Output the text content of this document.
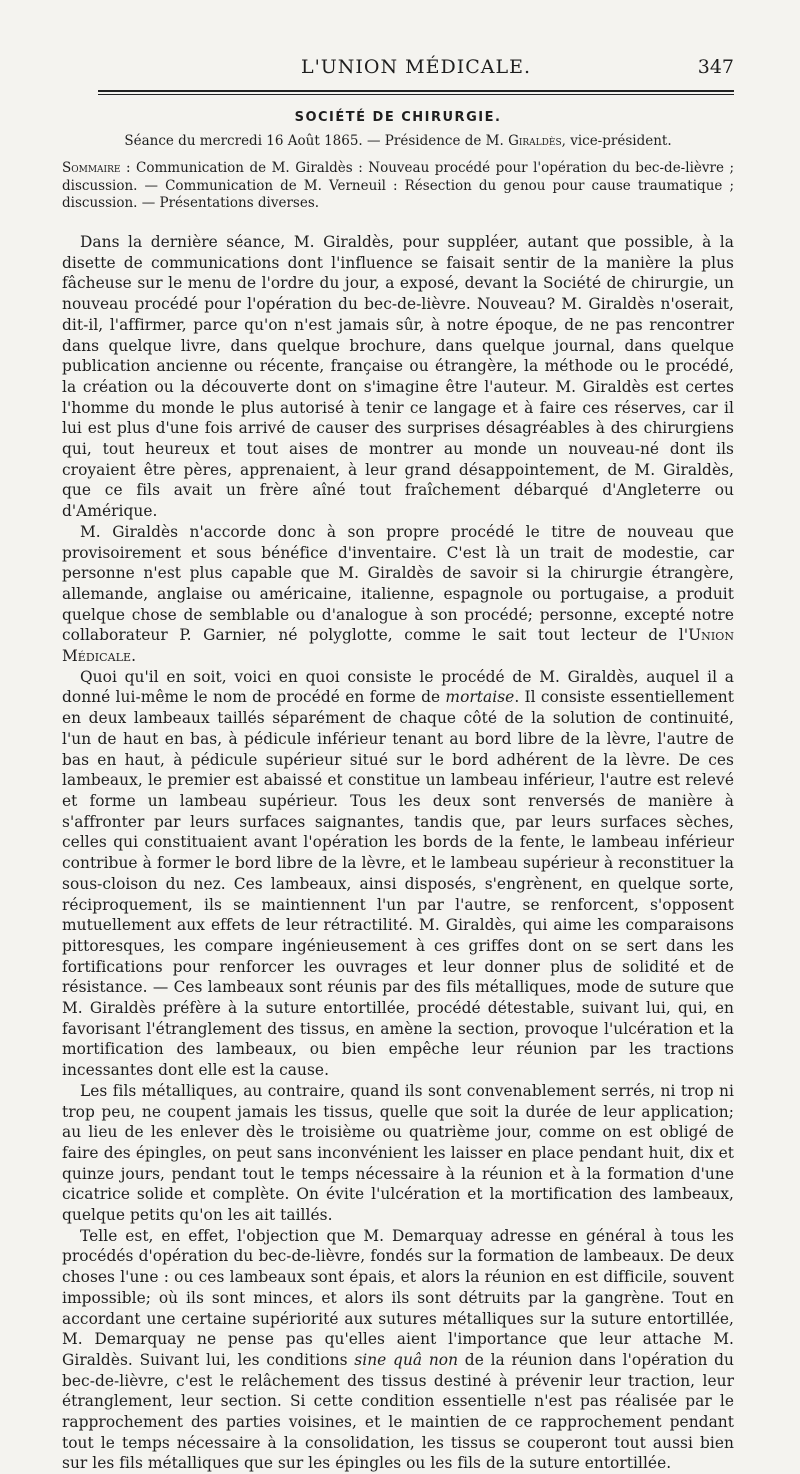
L'UNION MÉDICALE.	347
SOCIÉTÉ DE CHIRURGIE.
Séance du mercredi 16 Août 1865. — Présidence de M. Giraldès, vice-président.
Sommaire : Communication de M. Giraldès : Nouveau procédé pour l'opération du bec-de-lièvre ; discussion. — Communication de M. Verneuil : Résection du genou pour cause traumatique ; discussion. — Présentations diverses.

Dans la dernière séance, M. Giraldès, pour suppléer, autant que possible, à la disette de communications dont l'influence se faisait sentir de la manière la plus fâcheuse sur le menu de l'ordre du jour, a exposé, devant la Société de chirurgie, un nouveau procédé pour l'opération du bec-de-lièvre. Nouveau? M. Giraldès n'oserait, dit-il, l'affirmer, parce qu'on n'est jamais sûr, à notre époque, de ne pas rencontrer dans quelque livre, dans quelque brochure, dans quelque journal, dans quelque publication ancienne ou récente, française ou étrangère, la méthode ou le procédé, la création ou la découverte dont on s'imagine être l'auteur. M. Giraldès est certes l'homme du monde le plus autorisé à tenir ce langage et à faire ces réserves, car il lui est plus d'une fois arrivé de causer des surprises désagréables à des chirurgiens qui, tout heureux et tout aises de montrer au monde un nouveau-né dont ils croyaient être pères, apprenaient, à leur grand désappointement, de M. Giraldès, que ce fils avait un frère aîné tout fraîchement débarqué d'Angleterre ou d'Amérique.

M. Giraldès n'accorde donc à son propre procédé le titre de nouveau que provisoirement et sous bénéfice d'inventaire. C'est là un trait de modestie, car personne n'est plus capable que M. Giraldès de savoir si la chirurgie étrangère, allemande, anglaise ou américaine, italienne, espagnole ou portugaise, a produit quelque chose de semblable ou d'analogue à son procédé; personne, excepté notre collaborateur P. Garnier, né polyglotte, comme le sait tout lecteur de l'Union Médicale.

Quoi qu'il en soit, voici en quoi consiste le procédé de M. Giraldès, auquel il a donné lui-même le nom de procédé en forme de mortaise. Il consiste essentiellement en deux lambeaux taillés séparément de chaque côté de la solution de continuité, l'un de haut en bas, à pédicule inférieur tenant au bord libre de la lèvre, l'autre de bas en haut, à pédicule supérieur situé sur le bord adhérent de la lèvre. De ces lambeaux, le premier est abaissé et constitue un lambeau inférieur, l'autre est relevé et forme un lambeau supérieur. Tous les deux sont renversés de manière à s'affronter par leurs surfaces saignantes, tandis que, par leurs surfaces sèches, celles qui constituaient avant l'opération les bords de la fente, le lambeau inférieur contribue à former le bord libre de la lèvre, et le lambeau supérieur à reconstituer la sous-cloison du nez. Ces lambeaux, ainsi disposés, s'engrènent, en quelque sorte, réciproquement, ils se maintiennent l'un par l'autre, se renforcent, s'opposent mutuellement aux effets de leur rétractilité. M. Giraldès, qui aime les comparaisons pittoresques, les compare ingénieusement à ces griffes dont on se sert dans les fortifications pour renforcer les ouvrages et leur donner plus de solidité et de résistance. — Ces lambeaux sont réunis par des fils métalliques, mode de suture que M. Giraldès préfère à la suture entortillée, procédé détestable, suivant lui, qui, en favorisant l'étranglement des tissus, en amène la section, provoque l'ulcération et la mortification des lambeaux, ou bien empêche leur réunion par les tractions incessantes dont elle est la cause.

Les fils métalliques, au contraire, quand ils sont convenablement serrés, ni trop ni trop peu, ne coupent jamais les tissus, quelle que soit la durée de leur application; au lieu de les enlever dès le troisième ou quatrième jour, comme on est obligé de faire des épingles, on peut sans inconvénient les laisser en place pendant huit, dix et quinze jours, pendant tout le temps nécessaire à la réunion et à la formation d'une cicatrice solide et complète. On évite l'ulcération et la mortification des lambeaux, quelque petits qu'on les ait taillés.

Telle est, en effet, l'objection que M. Demarquay adresse en général à tous les procédés d'opération du bec-de-lièvre, fondés sur la formation de lambeaux. De deux choses l'une : ou ces lambeaux sont épais, et alors la réunion en est difficile, souvent impossible; où ils sont minces, et alors ils sont détruits par la gangrène. Tout en accordant une certaine supériorité aux sutures métalliques sur la suture entortillée, M. Demarquay ne pense pas qu'elles aient l'importance que leur attache M. Giraldès. Suivant lui, les conditions sine quâ non de la réunion dans l'opération du bec-de-lièvre, c'est le relâchement des tissus destiné à prévenir leur traction, leur étranglement, leur section. Si cette condition essentielle n'est pas réalisée par le rapprochement des parties voisines, et le maintien de ce rapprochement pendant tout le temps nécessaire à la consolidation, les tissus se couperont tout aussi bien sur les fils métalliques que sur les épingles ou les fils de la suture entortillée.
